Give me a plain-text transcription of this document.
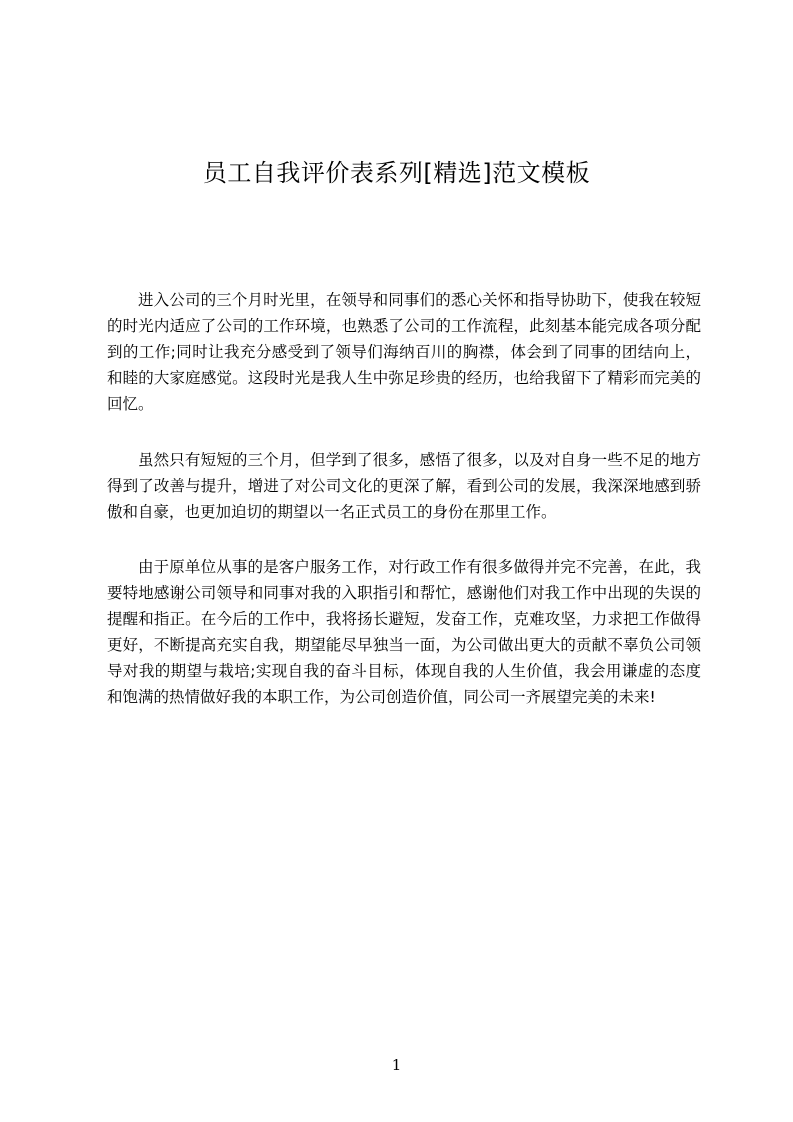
员工自我评价表系列[精选]范文模板

进入公司的三个月时光里，在领导和同事们的悉心关怀和指导协助下，使我在较短的时光内适应了公司的工作环境，也熟悉了公司的工作流程，此刻基本能完成各项分配到的工作;同时让我充分感受到了领导们海纳百川的胸襟，体会到了同事的团结向上，和睦的大家庭感觉。这段时光是我人生中弥足珍贵的经历，也给我留下了精彩而完美的回忆。

虽然只有短短的三个月，但学到了很多，感悟了很多，以及对自身一些不足的地方得到了改善与提升，增进了对公司文化的更深了解，看到公司的发展，我深深地感到骄傲和自豪，也更加迫切的期望以一名正式员工的身份在那里工作。

由于原单位从事的是客户服务工作，对行政工作有很多做得并完不完善，在此，我要特地感谢公司领导和同事对我的入职指引和帮忙，感谢他们对我工作中出现的失误的提醒和指正。在今后的工作中，我将扬长避短，发奋工作，克难攻坚，力求把工作做得更好，不断提高充实自我，期望能尽早独当一面，为公司做出更大的贡献不辜负公司领导对我的期望与栽培;实现自我的奋斗目标，体现自我的人生价值，我会用谦虚的态度和饱满的热情做好我的本职工作，为公司创造价值，同公司一齐展望完美的未来!

1
